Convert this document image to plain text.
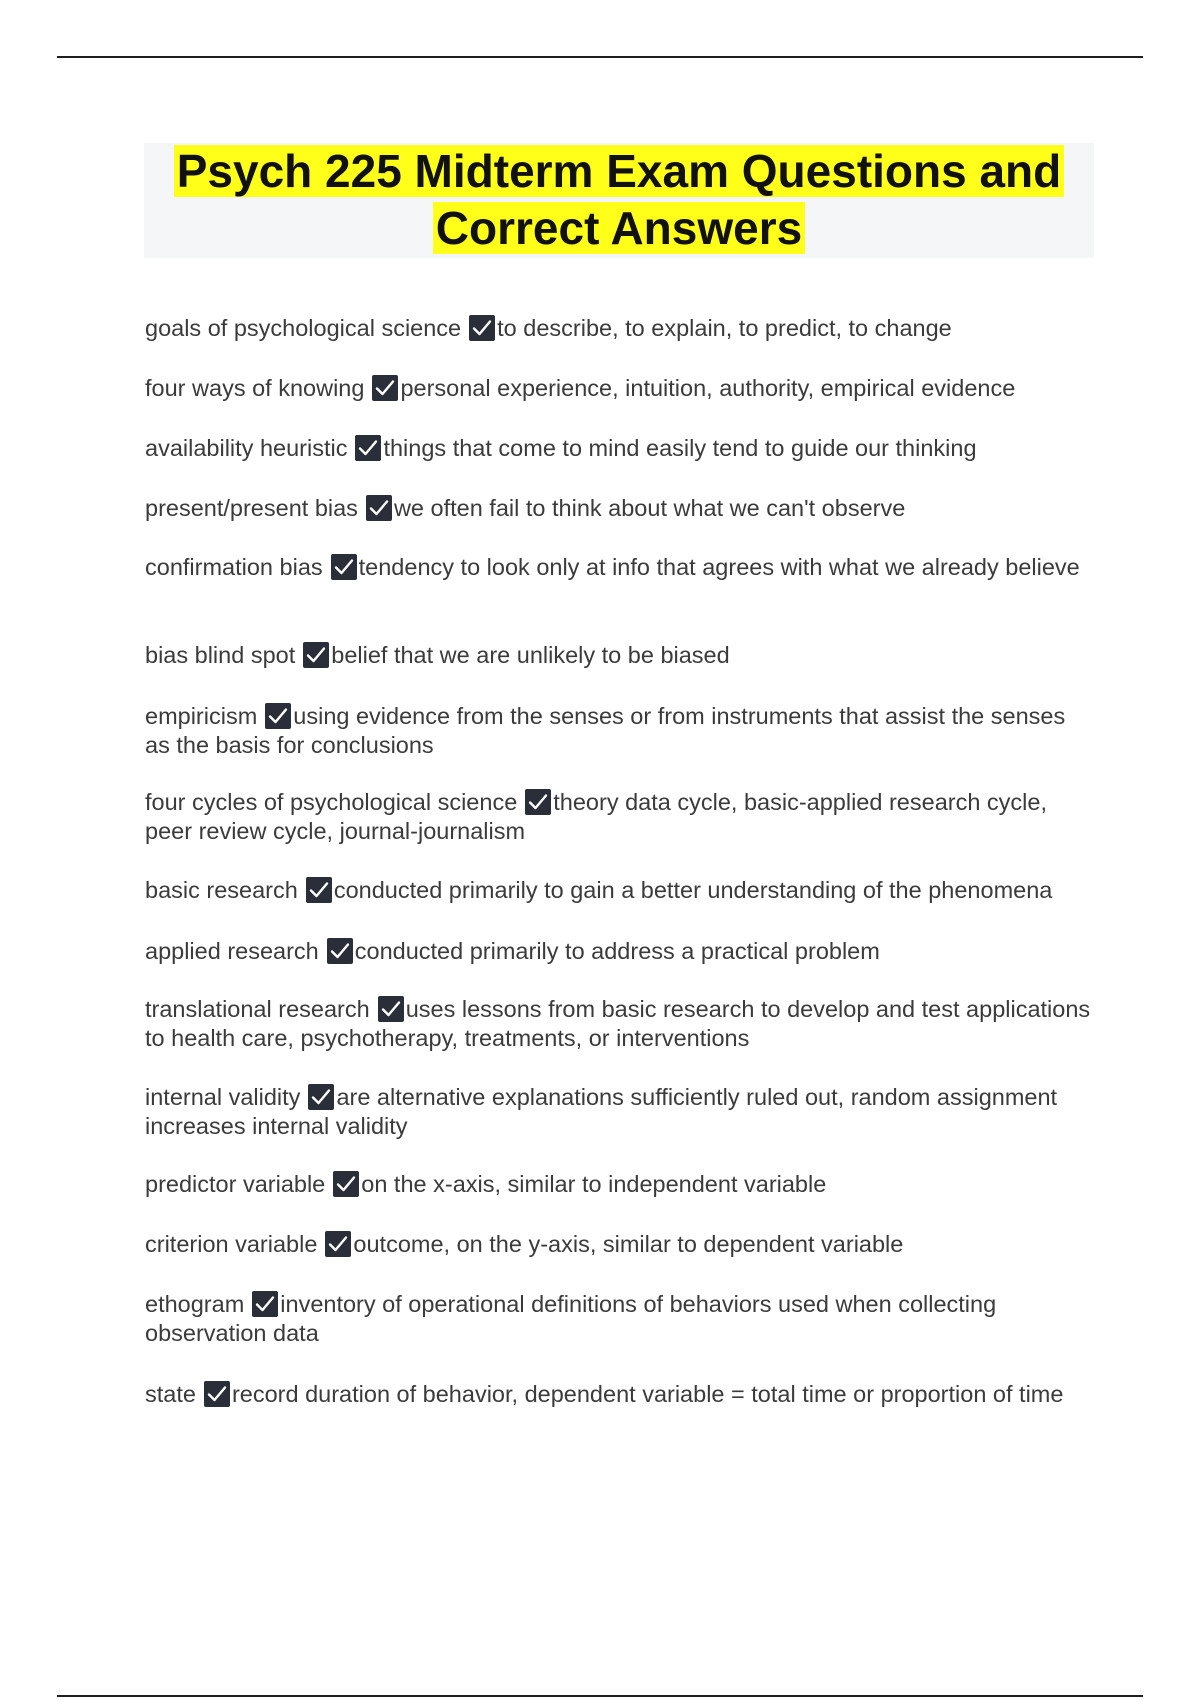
Psych 225 Midterm Exam Questions and
Correct Answers
goals of psychological science to describe, to explain, to predict, to change
four ways of knowing personal experience, intuition, authority, empirical evidence
availability heuristic things that come to mind easily tend to guide our thinking
present/present bias we often fail to think about what we can't observe
confirmation bias tendency to look only at info that agrees with what we already believe
bias blind spot belief that we are unlikely to be biased
empiricism using evidence from the senses or from instruments that assist the senses as the basis for conclusions
four cycles of psychological science theory data cycle, basic-applied research cycle, peer review cycle, journal-journalism
basic research conducted primarily to gain a better understanding of the phenomena
applied research conducted primarily to address a practical problem
translational research uses lessons from basic research to develop and test applications to health care, psychotherapy, treatments, or interventions
internal validity are alternative explanations sufficiently ruled out, random assignment increases internal validity
predictor variable on the x-axis, similar to independent variable
criterion variable outcome, on the y-axis, similar to dependent variable
ethogram inventory of operational definitions of behaviors used when collecting observation data
state record duration of behavior, dependent variable = total time or proportion of time
